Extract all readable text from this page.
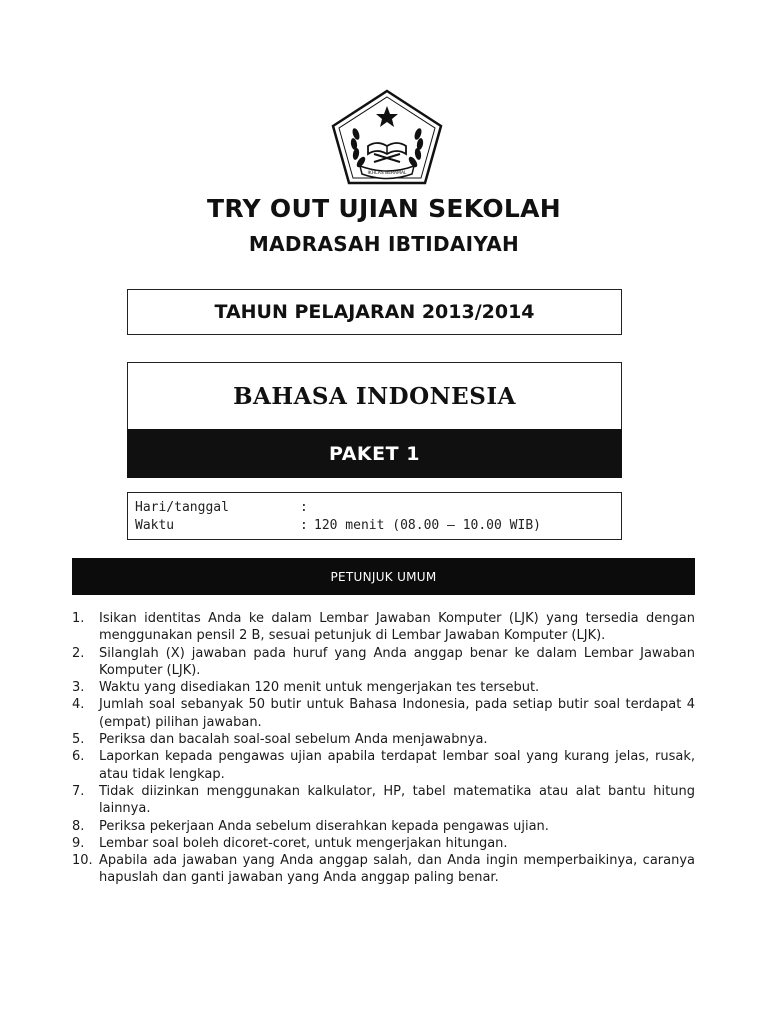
IKHLAS BERAMAL
TRY OUT UJIAN SEKOLAH
MADRASAH IBTIDAIYAH
TAHUN PELAJARAN 2013/2014
BAHASA INDONESIA
PAKET 1
Hari/tanggal	:
Waktu	: 120 menit (08.00 – 10.00 WIB)
PETUNJUK UMUM
1.	Isikan identitas Anda ke dalam Lembar Jawaban Komputer (LJK) yang tersedia dengan menggunakan pensil 2 B, sesuai petunjuk di Lembar Jawaban Komputer (LJK).
2.	Silanglah (X) jawaban pada huruf yang Anda anggap benar ke dalam Lembar Jawaban Komputer (LJK).
3.	Waktu yang disediakan 120 menit untuk mengerjakan tes tersebut.
4.	Jumlah soal sebanyak 50 butir untuk Bahasa Indonesia, pada setiap butir soal terdapat 4 (empat) pilihan jawaban.
5.	Periksa dan bacalah soal-soal sebelum Anda menjawabnya.
6.	Laporkan kepada pengawas ujian apabila terdapat lembar soal yang kurang jelas, rusak, atau tidak lengkap.
7.	Tidak diizinkan menggunakan kalkulator, HP, tabel matematika atau alat bantu hitung lainnya.
8.	Periksa pekerjaan Anda sebelum diserahkan kepada pengawas ujian.
9.	Lembar soal boleh dicoret-coret, untuk mengerjakan hitungan.
10. Apabila ada jawaban yang Anda anggap salah, dan Anda ingin memperbaikinya, caranya hapuslah dan ganti jawaban yang Anda anggap paling benar.
